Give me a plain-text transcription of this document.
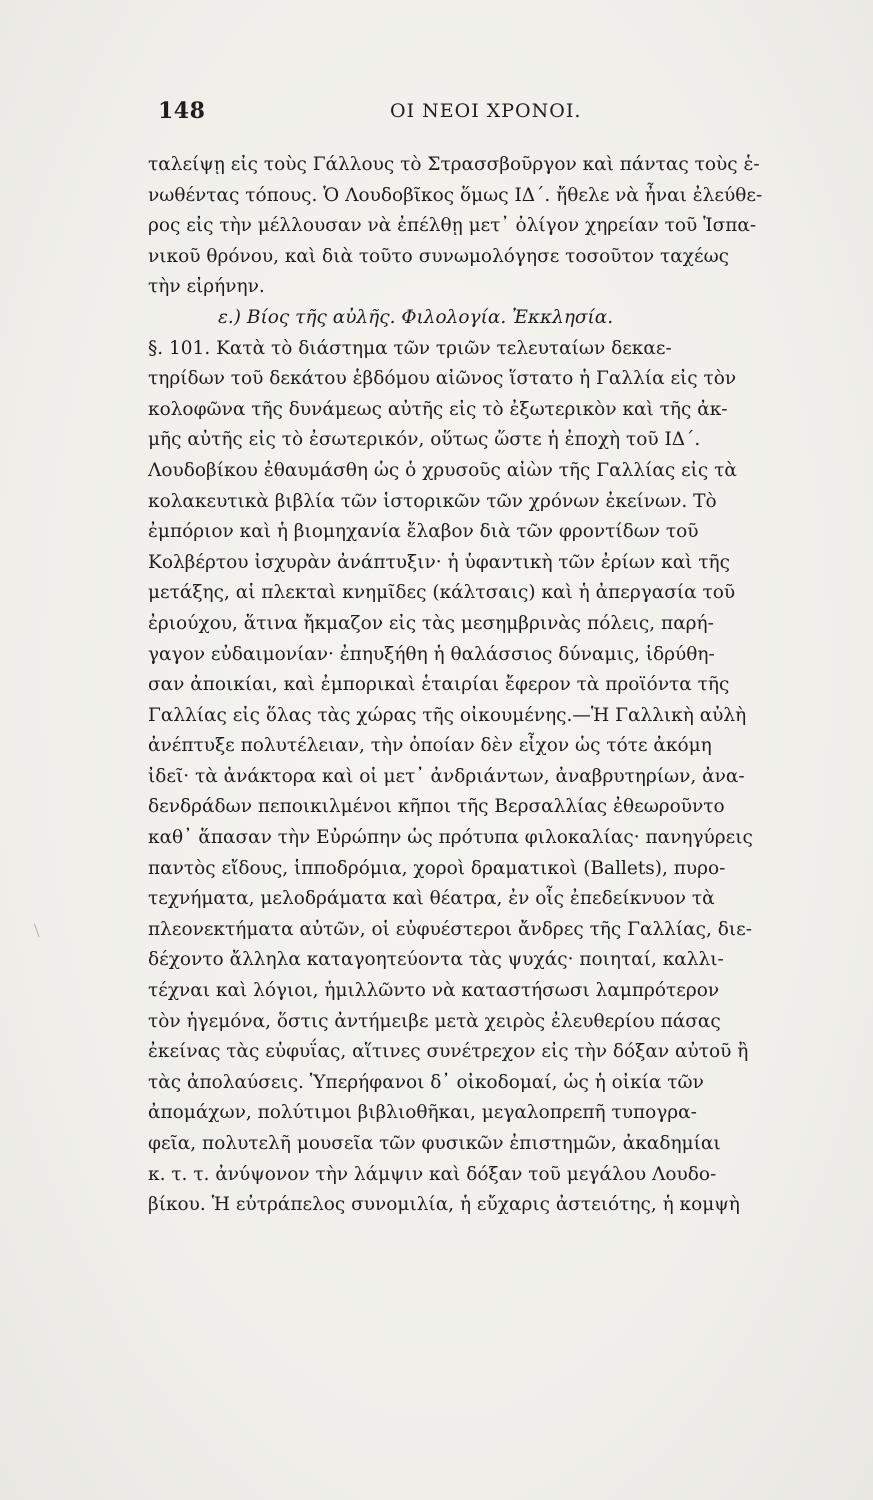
148	ΟΙ ΝΕΟΙ ΧΡΟΝΟΙ.
ταλείψῃ εἰς τοὺς Γάλλους τὸ Στρασσβοῦργον καὶ πάντας τοὺς ἑ-
νωθέντας τόπους. Ὁ Λουδοβῖκος ὅμως ΙΔ΄. ἤθελε νὰ ἦναι ἐλεύθε-
ρος εἰς τὴν μέλλουσαν νὰ ἐπέλθῃ μετ᾿ ὀλίγον χηρείαν τοῦ Ἱσπα-
νικοῦ θρόνου, καὶ διὰ τοῦτο συνωμολόγησε τοσοῦτον ταχέως
τὴν εἰρήνην.
ε.) Βίος τῆς αὐλῆς. Φιλολογία. Ἐκκλησία.
§. 101. Κατὰ τὸ διάστημα τῶν τριῶν τελευταίων δεκαε-
τηρίδων τοῦ δεκάτου ἑβδόμου αἰῶνος ἵστατο ἡ Γαλλία εἰς τὸν
κολοφῶνα τῆς δυνάμεως αὐτῆς εἰς τὸ ἐξωτερικὸν καὶ τῆς ἀκ-
μῆς αὐτῆς εἰς τὸ ἐσωτερικόν, οὕτως ὥστε ἡ ἐποχὴ τοῦ ΙΔ΄.
Λουδοβίκου ἐθαυμάσθη ὡς ὁ χρυσοῦς αἰὼν τῆς Γαλλίας εἰς τὰ
κολακευτικὰ βιβλία τῶν ἱστορικῶν τῶν χρόνων ἐκείνων. Τὸ
ἐμπόριον καὶ ἡ βιομηχανία ἔλαβον διὰ τῶν φροντίδων τοῦ
Κολβέρτου ἰσχυρὰν ἀνάπτυξιν· ἡ ὑφαντικὴ τῶν ἐρίων καὶ τῆς
μετάξης, αἱ πλεκταὶ κνημῖδες (κάλτσαις) καὶ ἡ ἀπεργασία τοῦ
ἐριούχου, ἅτινα ἤκμαζον εἰς τὰς μεσημβρινὰς πόλεις, παρή-
γαγον εὐδαιμονίαν· ἐπηυξήθη ἡ θαλάσσιος δύναμις, ἱδρύθη-
σαν ἀποικίαι, καὶ ἐμπορικαὶ ἑταιρίαι ἔφερον τὰ προϊόντα τῆς
Γαλλίας εἰς ὅλας τὰς χώρας τῆς οἰκουμένης.—Ἡ Γαλλικὴ αὐλὴ
ἀνέπτυξε πολυτέλειαν, τὴν ὁποίαν δὲν εἶχον ὡς τότε ἀκόμη
ἰδεῖ· τὰ ἀνάκτορα καὶ οἱ μετ᾿ ἀνδριάντων, ἀναβρυτηρίων, ἀνα-
δενδράδων πεποικιλμένοι κῆποι τῆς Βερσαλλίας ἐθεωροῦντο
καθ᾿ ἅπασαν τὴν Εὐρώπην ὡς πρότυπα φιλοκαλίας· πανηγύρεις
παντὸς εἴδους, ἱπποδρόμια, χοροὶ δραματικοὶ (Ballets), πυρο-
τεχνήματα, μελοδράματα καὶ θέατρα, ἐν οἷς ἐπεδείκνυον τὰ
πλεονεκτήματα αὐτῶν, οἱ εὐφυέστεροι ἄνδρες τῆς Γαλλίας, διε-
δέχοντο ἄλληλα καταγοητεύοντα τὰς ψυχάς· ποιηταί, καλλι-
τέχναι καὶ λόγιοι, ἡμιλλῶντο νὰ καταστήσωσι λαμπρότερον
τὸν ἡγεμόνα, ὅστις ἀντήμειβε μετὰ χειρὸς ἐλευθερίου πάσας
ἐκείνας τὰς εὐφυΐας, αἵτινες συνέτρεχον εἰς τὴν δόξαν αὐτοῦ ἢ
τὰς ἀπολαύσεις. Ὑπερήφανοι δ᾿ οἰκοδομαί, ὡς ἡ οἰκία τῶν
ἀπομάχων, πολύτιμοι βιβλιοθῆκαι, μεγαλοπρεπῆ τυπογρα-
φεῖα, πολυτελῆ μουσεῖα τῶν φυσικῶν ἐπιστημῶν, ἀκαδημίαι
κ. τ. τ. ἀνύψονον τὴν λάμψιν καὶ δόξαν τοῦ μεγάλου Λουδο-
βίκου. Ἡ εὐτράπελος συνομιλία, ἡ εὔχαρις ἀστειότης, ἡ κομψὴ
